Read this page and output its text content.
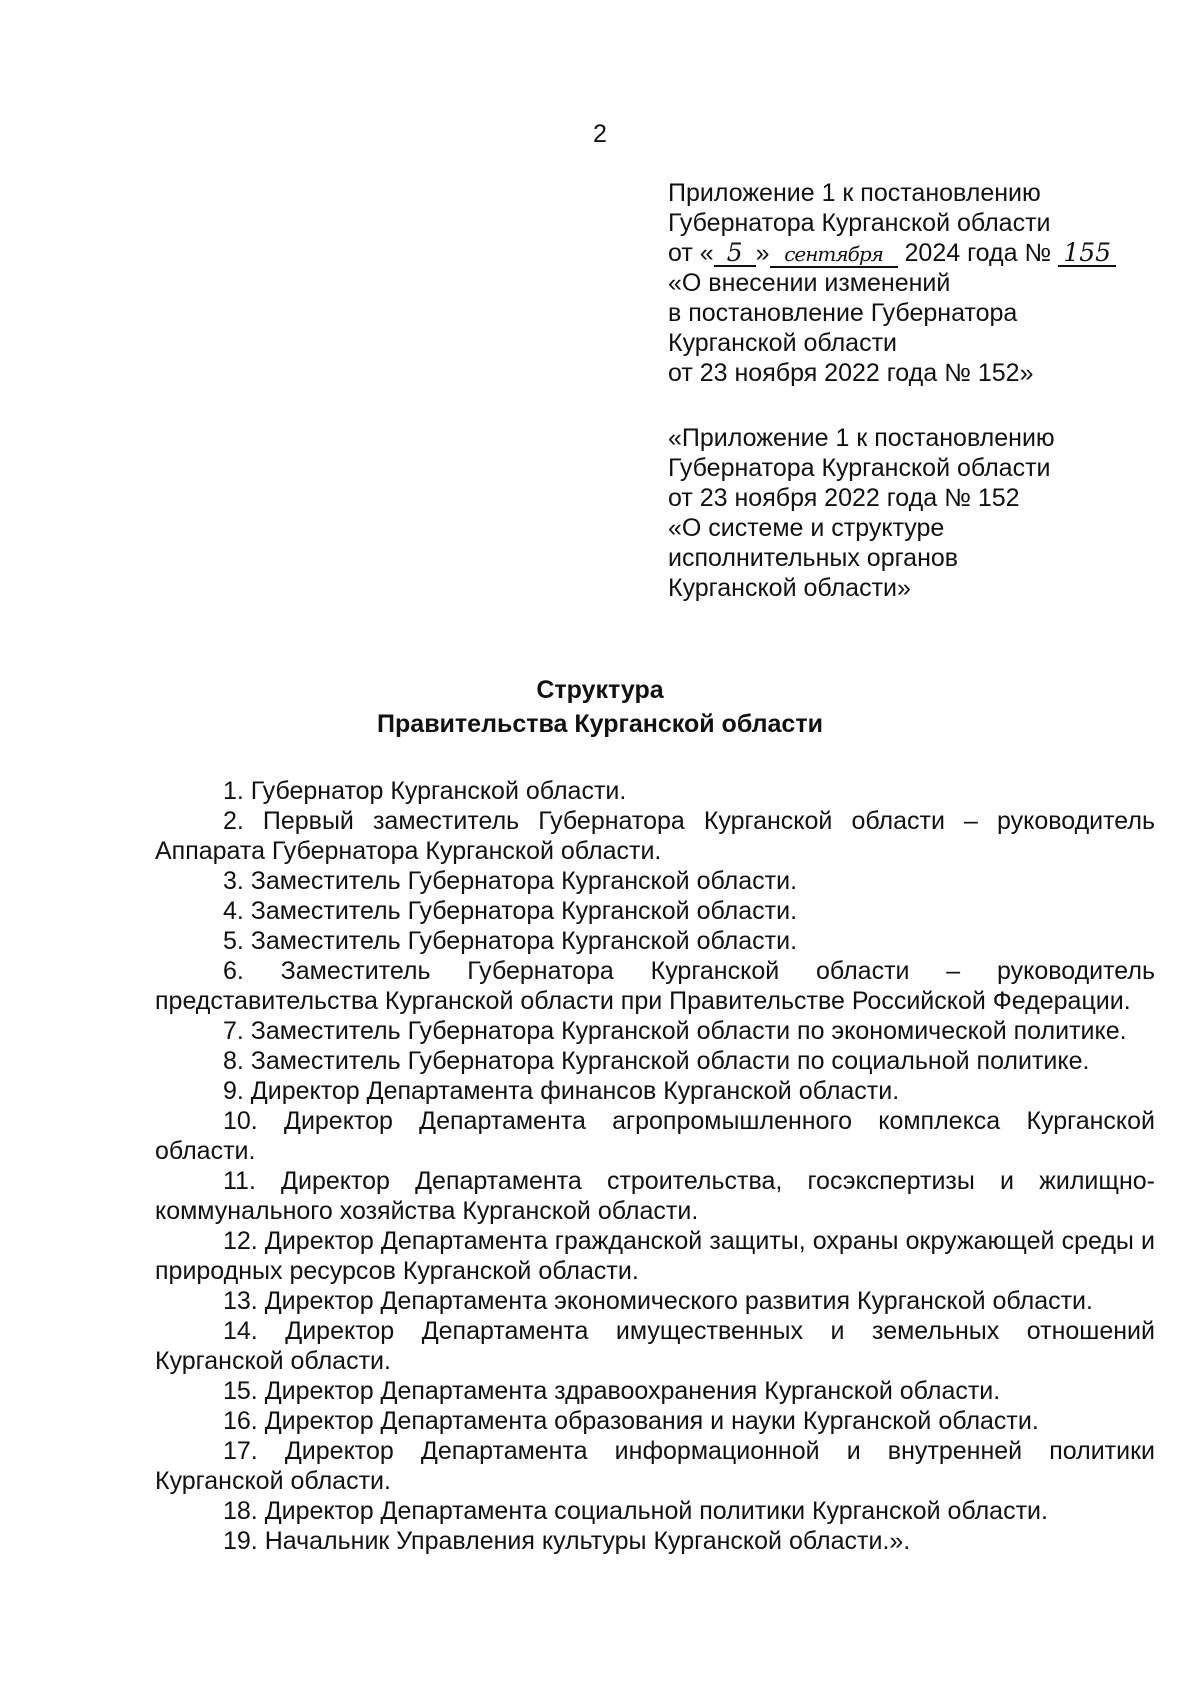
2
Приложение 1 к постановлению
Губернатора Курганской области
от « 5 » сентября 2024 года № 155
«О внесении изменений
в постановление Губернатора
Курганской области
от 23 ноября 2022 года № 152»
«Приложение 1 к постановлению
Губернатора Курганской области
от 23 ноября 2022 года № 152
«О системе и структуре
исполнительных органов
Курганской области»
Структура
Правительства Курганской области

1. Губернатор Курганской области.

2. Первый заместитель Губернатора Курганской области – руководитель Аппарата Губернатора Курганской области.

3. Заместитель Губернатора Курганской области.

4. Заместитель Губернатора Курганской области.

5. Заместитель Губернатора Курганской области.

6. Заместитель Губернатора Курганской области – руководитель представительства Курганской области при Правительстве Российской Федерации.

7. Заместитель Губернатора Курганской области по экономической политике.

8. Заместитель Губернатора Курганской области по социальной политике.

9. Директор Департамента финансов Курганской области.

10. Директор Департамента агропромышленного комплекса Курганской области.

11. Директор Департамента строительства, госэкспертизы и жилищно-коммунального хозяйства Курганской области.

12. Директор Департамента гражданской защиты, охраны окружающей среды и природных ресурсов Курганской области.

13. Директор Департамента экономического развития Курганской области.

14. Директор Департамента имущественных и земельных отношений Курганской области.

15. Директор Департамента здравоохранения Курганской области.

16. Директор Департамента образования и науки Курганской области.

17. Директор Департамента информационной и внутренней политики Курганской области.

18. Директор Департамента социальной политики Курганской области.

19. Начальник Управления культуры Курганской области.».
